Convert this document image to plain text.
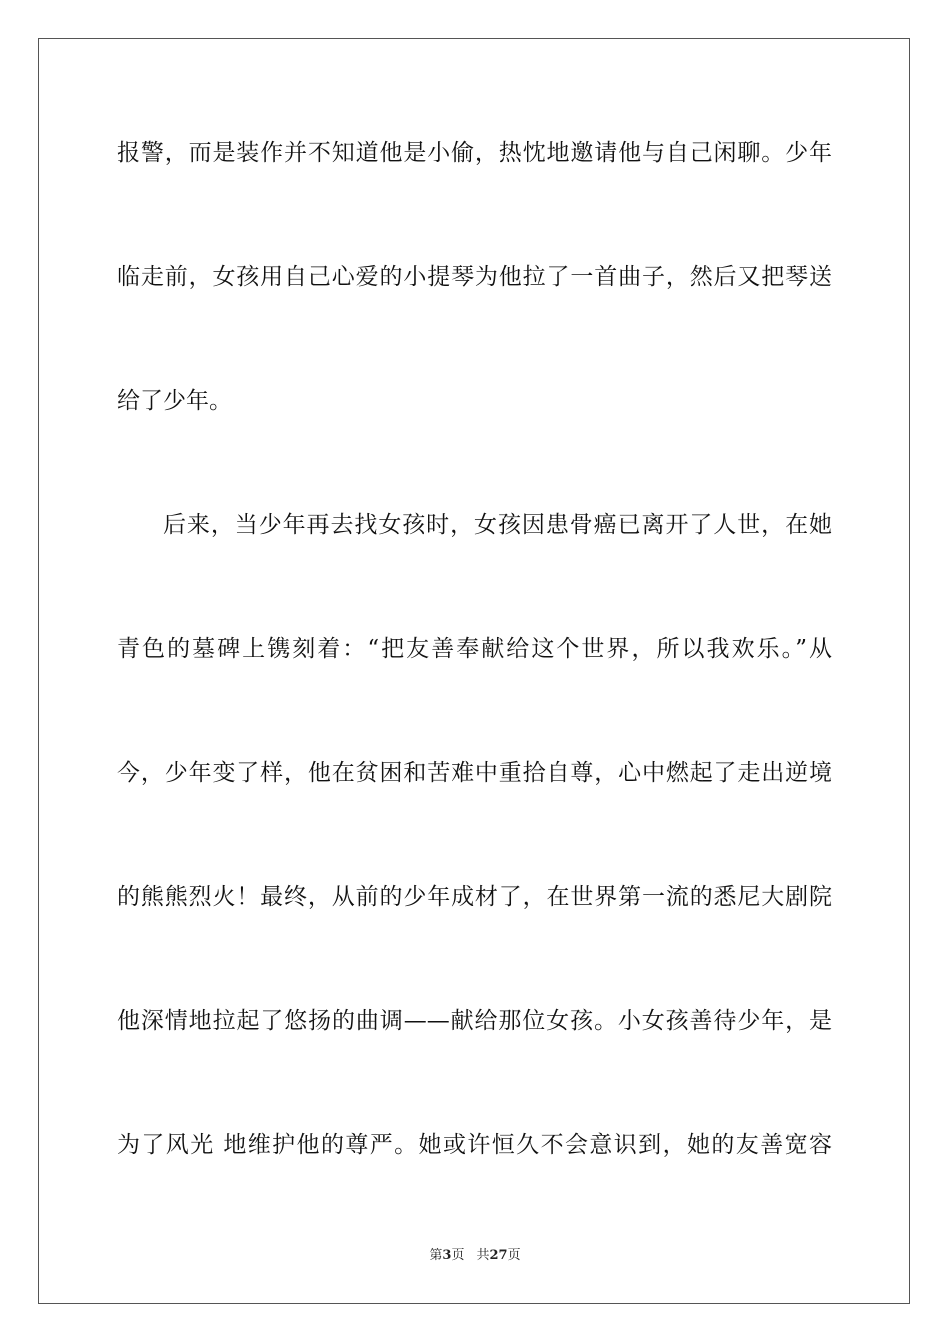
报警，而是装作并不知道他是小偷，热忱地邀请他与自己闲聊。少年
临走前，女孩用自己心爱的小提琴为他拉了一首曲子，然后又把琴送
给了少年。
后来，当少年再去找女孩时，女孩因患骨癌已离开了人世，在她
青色的墓碑上镌刻着：“把友善奉献给这个世界，所以我欢乐。”从
今，少年变了样，他在贫困和苦难中重拾自尊，心中燃起了走出逆境
的熊熊烈火！最终，从前的少年成材了，在世界第一流的悉尼大剧院
他深情地拉起了悠扬的曲调——献给那位女孩。小女孩善待少年，是
为了风光 地维护他的尊严。她或许恒久不会意识到，她的友善宽容
第3页 共27页
